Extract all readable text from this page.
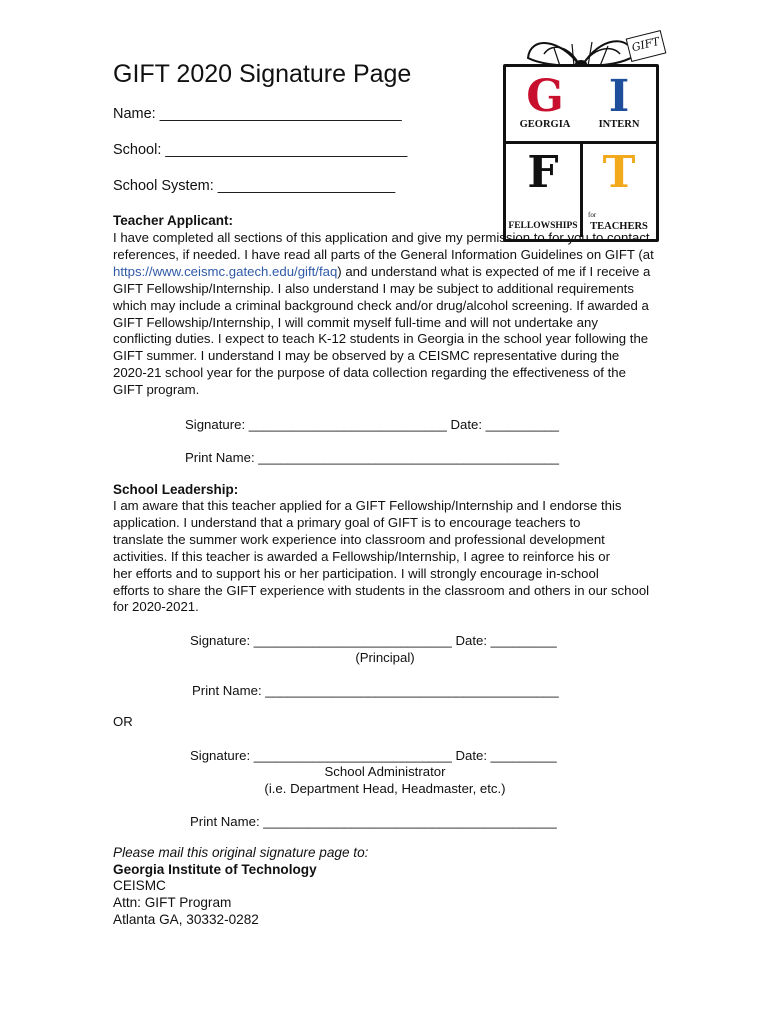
GIFT 2020 Signature Page
Name: ______________________________
School: ______________________________
School System: ______________________
GIFT
G
GEORGIA
I
INTERN
F
FELLOWSHIPS
T
for
TEACHERS
Teacher Applicant:
I have completed all sections of this application and give my permission to for you to contact
references, if needed. I have read all parts of the General Information Guidelines on GIFT (at
https://www.ceismc.gatech.edu/gift/faq) and understand what is expected of me if I receive a
GIFT Fellowship/Internship. I also understand I may be subject to additional requirements
which may include a criminal background check and/or drug/alcohol screening. If awarded a
GIFT Fellowship/Internship, I will commit myself full-time and will not undertake any
conflicting duties. I expect to teach K-12 students in Georgia in the school year following the
GIFT summer. I understand I may be observed by a CEISMC representative during the
2020-21 school year for the purpose of data collection regarding the effectiveness of the
GIFT program.
Signature: ___________________________ Date: __________
Print Name: _________________________________________
School Leadership:
I am aware that this teacher applied for a GIFT Fellowship/Internship and I endorse this
application. I understand that a primary goal of GIFT is to encourage teachers to
translate the summer work experience into classroom and professional development
activities. If this teacher is awarded a Fellowship/Internship, I agree to reinforce his or
her efforts and to support his or her participation. I will strongly encourage in-school
efforts to share the GIFT experience with students in the classroom and others in our school
for 2020-2021.
Signature: ___________________________ Date: _________
(Principal)
Print Name: ________________________________________
OR
Signature: ___________________________ Date: _________
School Administrator
(i.e. Department Head, Headmaster, etc.)
Print Name: ________________________________________
Please mail this original signature page to:
Georgia Institute of Technology
CEISMC
Attn: GIFT Program
Atlanta GA, 30332-0282
